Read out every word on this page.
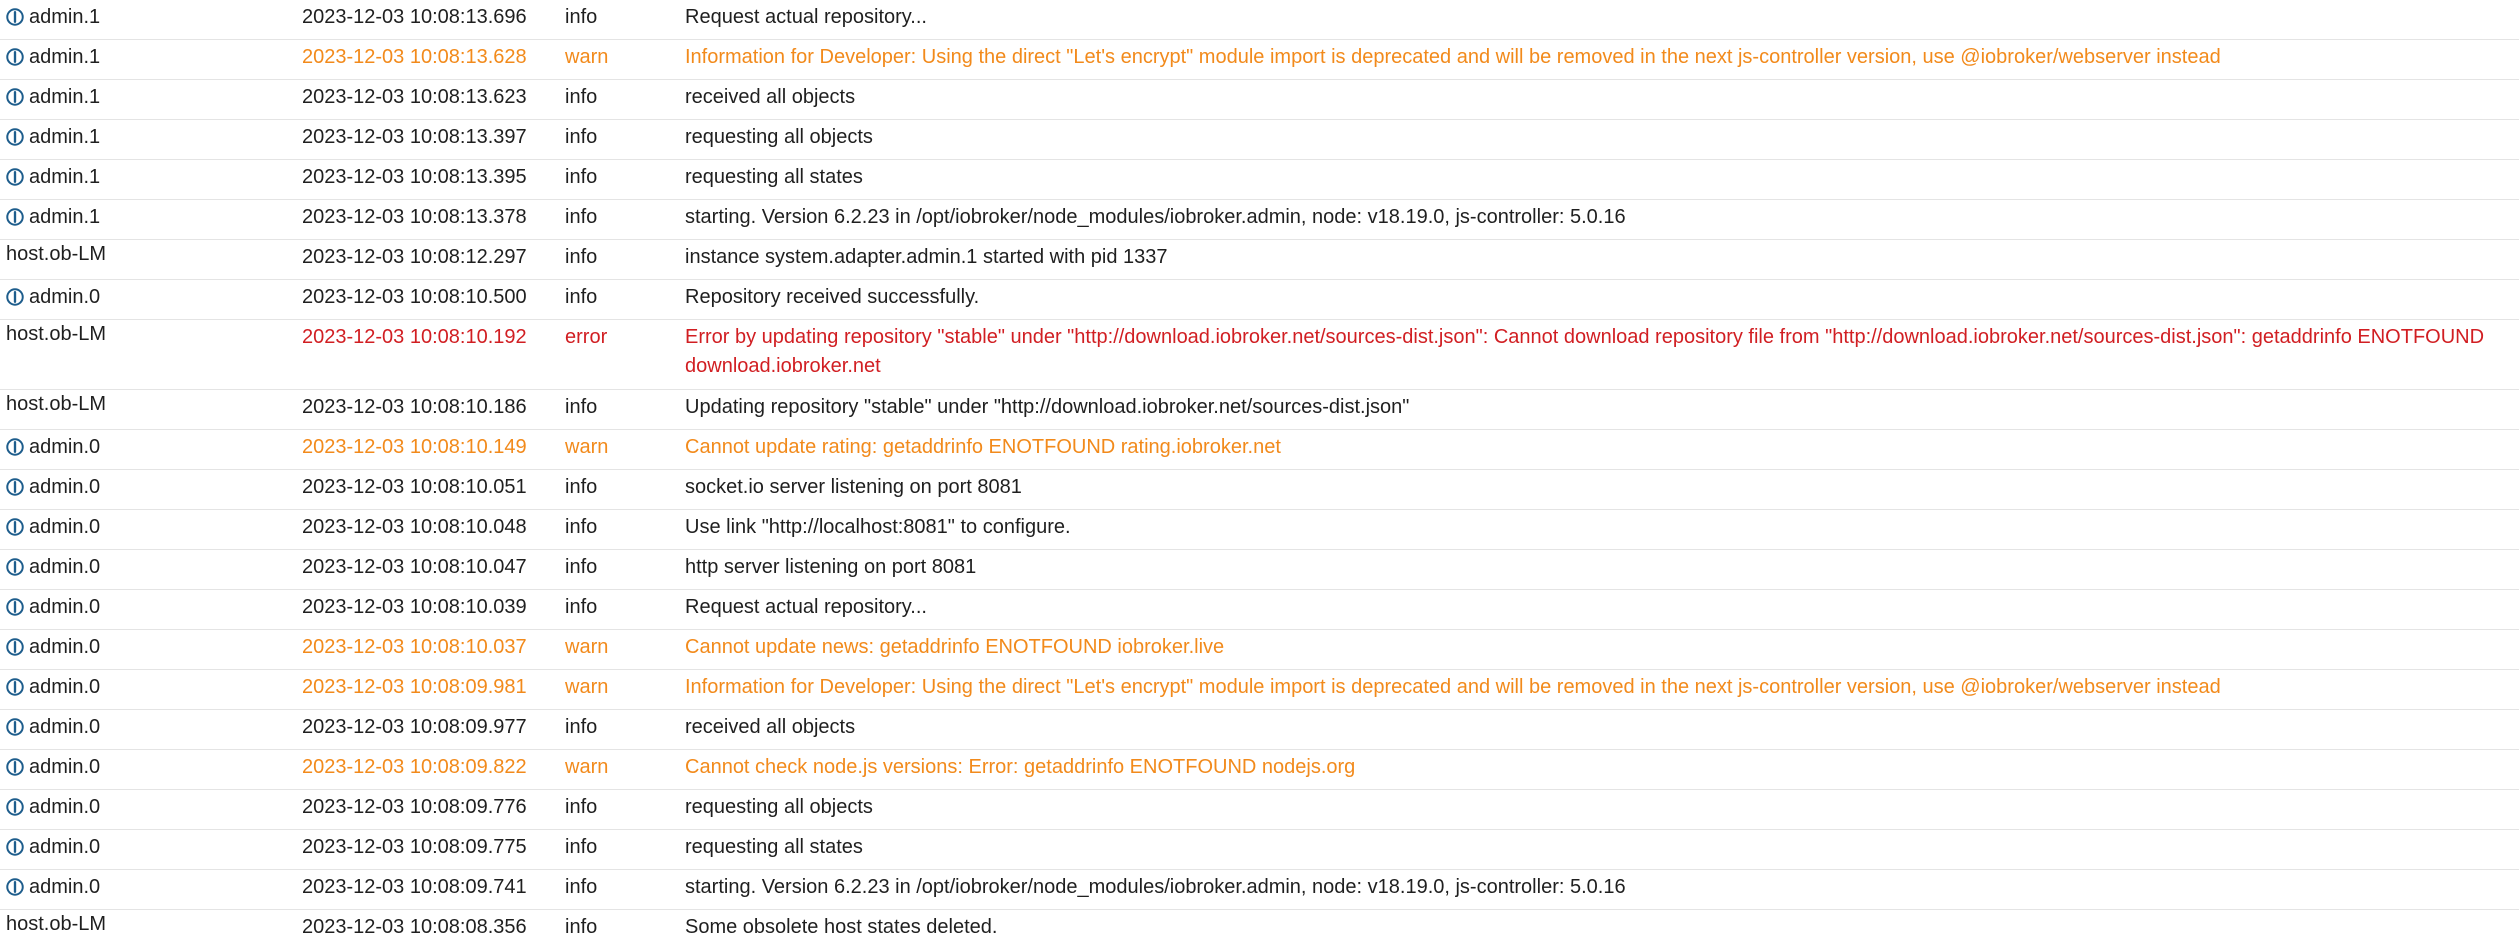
admin.1	2023-12-03 10:08:13.696 info	Request actual repository...
admin.1	2023-12-03 10:08:13.628 warn	Information for Developer: Using the direct "Let's encrypt" module import is deprecated and will be removed in the next js-controller version, use @iobroker/webserver instead
admin.1	2023-12-03 10:08:13.623 info	received all objects
admin.1	2023-12-03 10:08:13.397 info	requesting all objects
admin.1	2023-12-03 10:08:13.395 info	requesting all states
admin.1	2023-12-03 10:08:13.378 info	starting. Version 6.2.23 in /opt/iobroker/node_modules/iobroker.admin, node: v18.19.0, js-controller: 5.0.16
host.ob-LM	2023-12-03 10:08:12.297 info	instance system.adapter.admin.1 started with pid 1337
admin.0	2023-12-03 10:08:10.500 info	Repository received successfully.
host.ob-LM	2023-12-03 10:08:10.192 error	Error by updating repository "stable" under "http://download.iobroker.net/sources-dist.json": Cannot download repository file from "http://download.iobroker.net/sources-dist.json": getaddrinfo ENOTFOUND download.iobroker.net
host.ob-LM	2023-12-03 10:08:10.186 info	Updating repository "stable" under "http://download.iobroker.net/sources-dist.json"
admin.0	2023-12-03 10:08:10.149 warn	Cannot update rating: getaddrinfo ENOTFOUND rating.iobroker.net
admin.0	2023-12-03 10:08:10.051 info	socket.io server listening on port 8081
admin.0	2023-12-03 10:08:10.048 info	Use link "http://localhost:8081" to configure.
admin.0	2023-12-03 10:08:10.047 info	http server listening on port 8081
admin.0	2023-12-03 10:08:10.039 info	Request actual repository...
admin.0	2023-12-03 10:08:10.037 warn	Cannot update news: getaddrinfo ENOTFOUND iobroker.live
admin.0	2023-12-03 10:08:09.981 warn	Information for Developer: Using the direct "Let's encrypt" module import is deprecated and will be removed in the next js-controller version, use @iobroker/webserver instead
admin.0	2023-12-03 10:08:09.977 info	received all objects
admin.0	2023-12-03 10:08:09.822 warn	Cannot check node.js versions: Error: getaddrinfo ENOTFOUND nodejs.org
admin.0	2023-12-03 10:08:09.776 info	requesting all objects
admin.0	2023-12-03 10:08:09.775 info	requesting all states
admin.0	2023-12-03 10:08:09.741 info	starting. Version 6.2.23 in /opt/iobroker/node_modules/iobroker.admin, node: v18.19.0, js-controller: 5.0.16
host.ob-LM	2023-12-03 10:08:08.356 info	Some obsolete host states deleted.
